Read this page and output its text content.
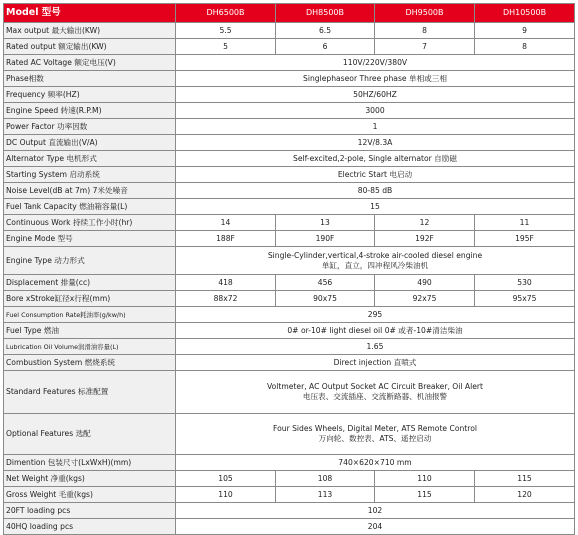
Model 型号	DH6500B	DH8500B	DH9500B	DH10500B
Max output 最大输出(KW)	5.5	6.5	8	9
Rated output 额定输出(KW)	5	6	7	8
Rated AC Voltage 额定电压(V)	110V/220V/380V			
Phase相数	Singlephaseor Three phase 单相或三相			
Frequency 频率(HZ)	50HZ/60HZ			
Engine Speed 转速(R.P.M)	3000			
Power Factor 功率因数	1			
DC Output 直流输出(V/A)	12V/8.3A			
Alternator Type 电机形式	Self-excited,2-pole, Single alternator 自励磁			
Starting System 启动系统	Electric Start 电启动			
Noise Level(dB at 7m) 7米处噪音	80-85 dB			
Fuel Tank Capacity 燃油箱容量(L)	15			
Continuous Work 持续工作小时(hr)	14	13	12	11
Engine Mode 型号	188F	190F	192F	195F
Engine Type 动力形式	Single-Cylinder,vertical,4-stroke air-cooled diesel engine
单缸，直立，四冲程风冷柴油机			

Displacement 排量(cc)	418	456	490	530
Bore xStroke缸径x行程(mm)	88x72	90x75	92x75	95x75
Fuel Consumption Rate耗油率(g/kw/h)	295			
Fuel Type 燃油	0# or-10# light diesel oil 0# 或者-10#清洁柴油			
Lubrication Oil Volume润滑油容量(L)	1.65			
Combustion System 燃烧系统	Direct injection 直喷式			
Standard Features 标准配置	Voltmeter, AC Output Socket AC Circuit Breaker, Oil Alert
电压表、交流插座、交流断路器、机油报警			

Optional Features 选配	Four Sides Wheels, Digital Meter, ATS Remote Control
万向轮、数控表、ATS、遥控启动			

Dimention 包装尺寸(LxWxH)(mm)	740×620×710 mm			
Net Weight 净重(kgs)	105	108	110	115
Gross Weight 毛重(kgs)	110	113	115	120
20FT loading pcs	102			
40HQ loading pcs	204			
